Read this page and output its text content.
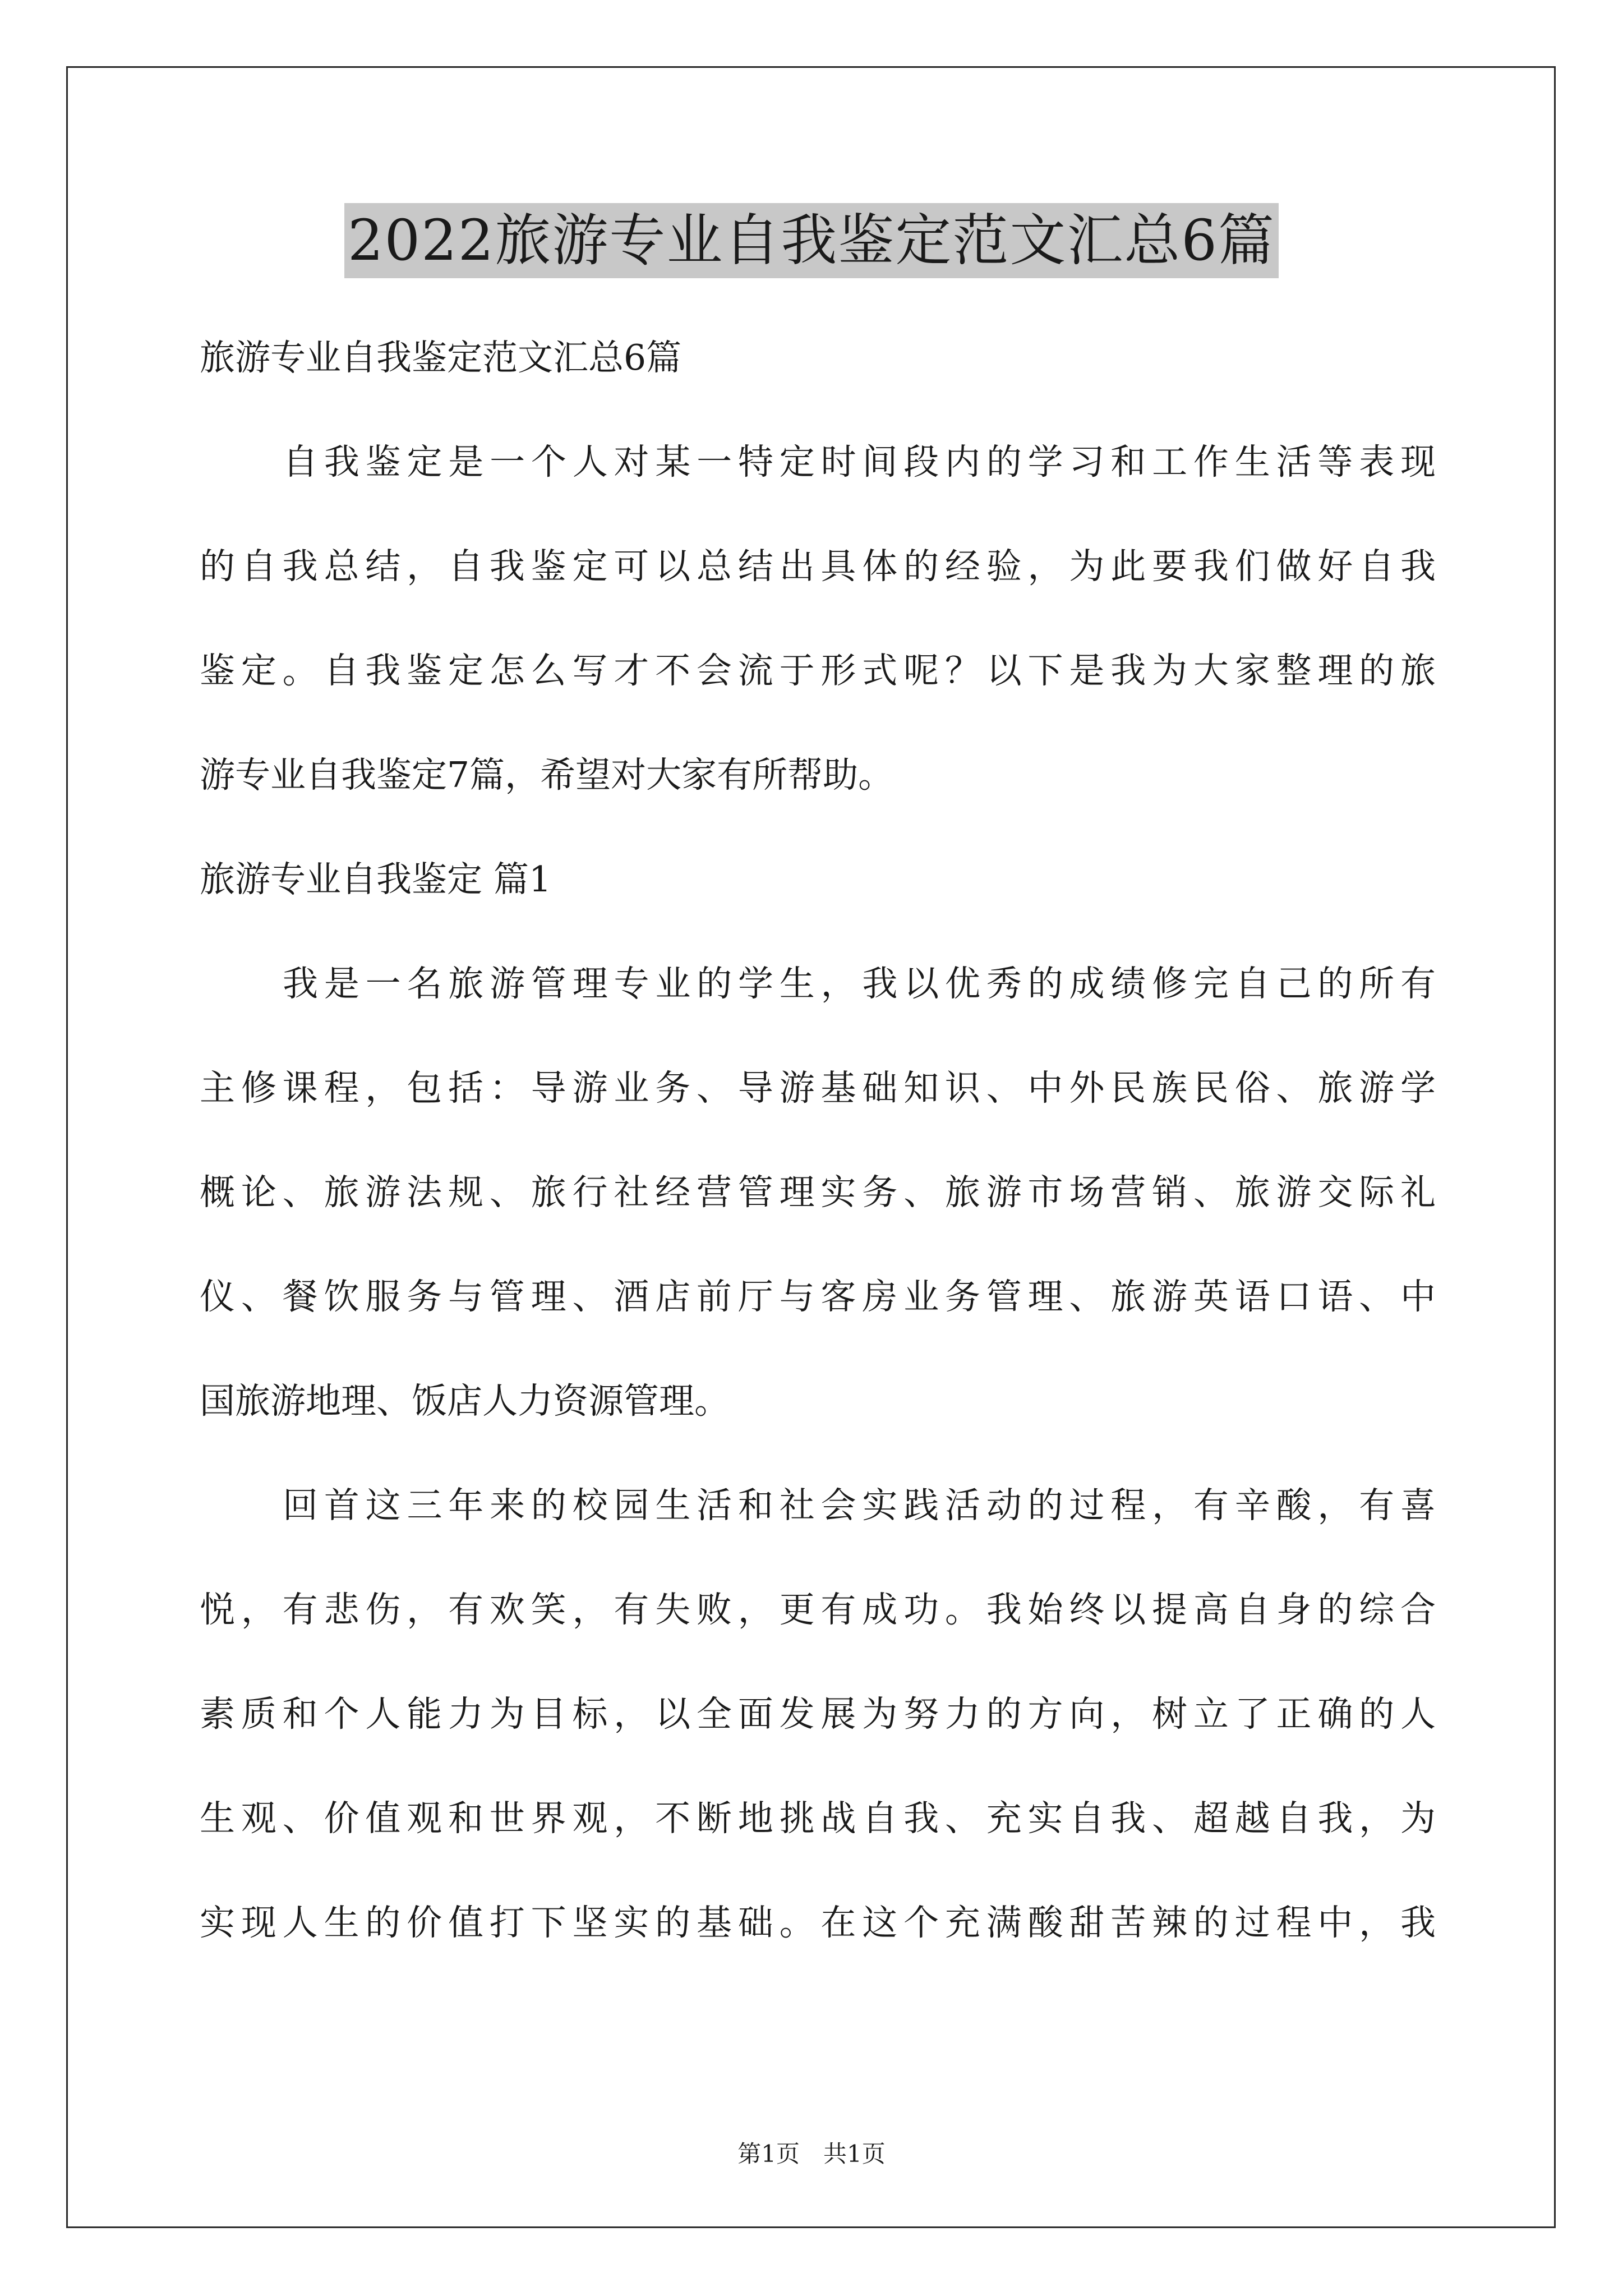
2022旅游专业自我鉴定范文汇总6篇
旅游专业自我鉴定范文汇总6篇
自我鉴定是一个人对某一特定时间段内的学习和工作生活等表现
的自我总结，自我鉴定可以总结出具体的经验，为此要我们做好自我
鉴定。自我鉴定怎么写才不会流于形式呢？以下是我为大家整理的旅
游专业自我鉴定7篇，希望对大家有所帮助。
旅游专业自我鉴定 篇1
我是一名旅游管理专业的学生，我以优秀的成绩修完自己的所有
主修课程，包括：导游业务、导游基础知识、中外民族民俗、旅游学
概论、旅游法规、旅行社经营管理实务、旅游市场营销、旅游交际礼
仪、餐饮服务与管理、酒店前厅与客房业务管理、旅游英语口语、中
国旅游地理、饭店人力资源管理。
回首这三年来的校园生活和社会实践活动的过程，有辛酸，有喜
悦，有悲伤，有欢笑，有失败，更有成功。我始终以提高自身的综合
素质和个人能力为目标，以全面发展为努力的方向，树立了正确的人
生观、价值观和世界观，不断地挑战自我、充实自我、超越自我，为
实现人生的价值打下坚实的基础。在这个充满酸甜苦辣的过程中，我
第1页　共1页
